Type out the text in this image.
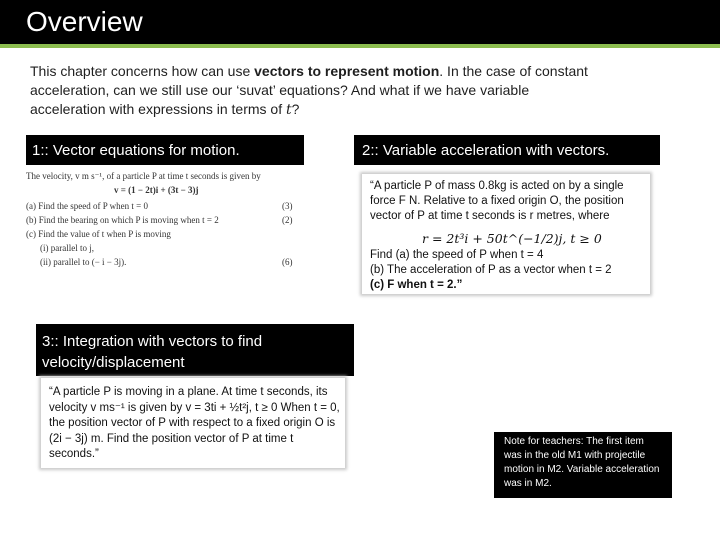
Overview
This chapter concerns how can use vectors to represent motion. In the case of constant acceleration, can we still use our ‘suvat’ equations? And what if we have variable acceleration with expressions in terms of t?
1:: Vector equations for motion.
The velocity, v m s⁻¹, of a particle P at time t seconds is given by
v = (1 − 2t)i + (3t − 3)j
(a) Find the speed of P when t = 0
(b) Find the bearing on which P is moving when t = 2
(c) Find the value of t when P is moving
(i) parallel to j,
(ii) parallel to (− i − 3j).
(3)
(2)
(6)
2:: Variable acceleration with vectors.
“A particle P of mass 0.8kg is acted on by a single force F N. Relative to a fixed origin O, the position vector of P at time t seconds is r metres, where
r = 2t³i + 50t^(−1/2)j, t ≥ 0
Find (a) the speed of P when t = 4
(b) The acceleration of P as a vector when t = 2
(c) F when t = 2.”
3:: Integration with vectors to find velocity/displacement
“A particle P is moving in a plane. At time t seconds, its velocity v ms⁻¹ is given by v = 3ti + ½t²j, t ≥ 0 When t = 0, the position vector of P with respect to a fixed origin O is (2i − 3j) m. Find the position vector of P at time t seconds.”
Note for teachers: The first item was in the old M1 with projectile motion in M2. Variable acceleration was in M2.
